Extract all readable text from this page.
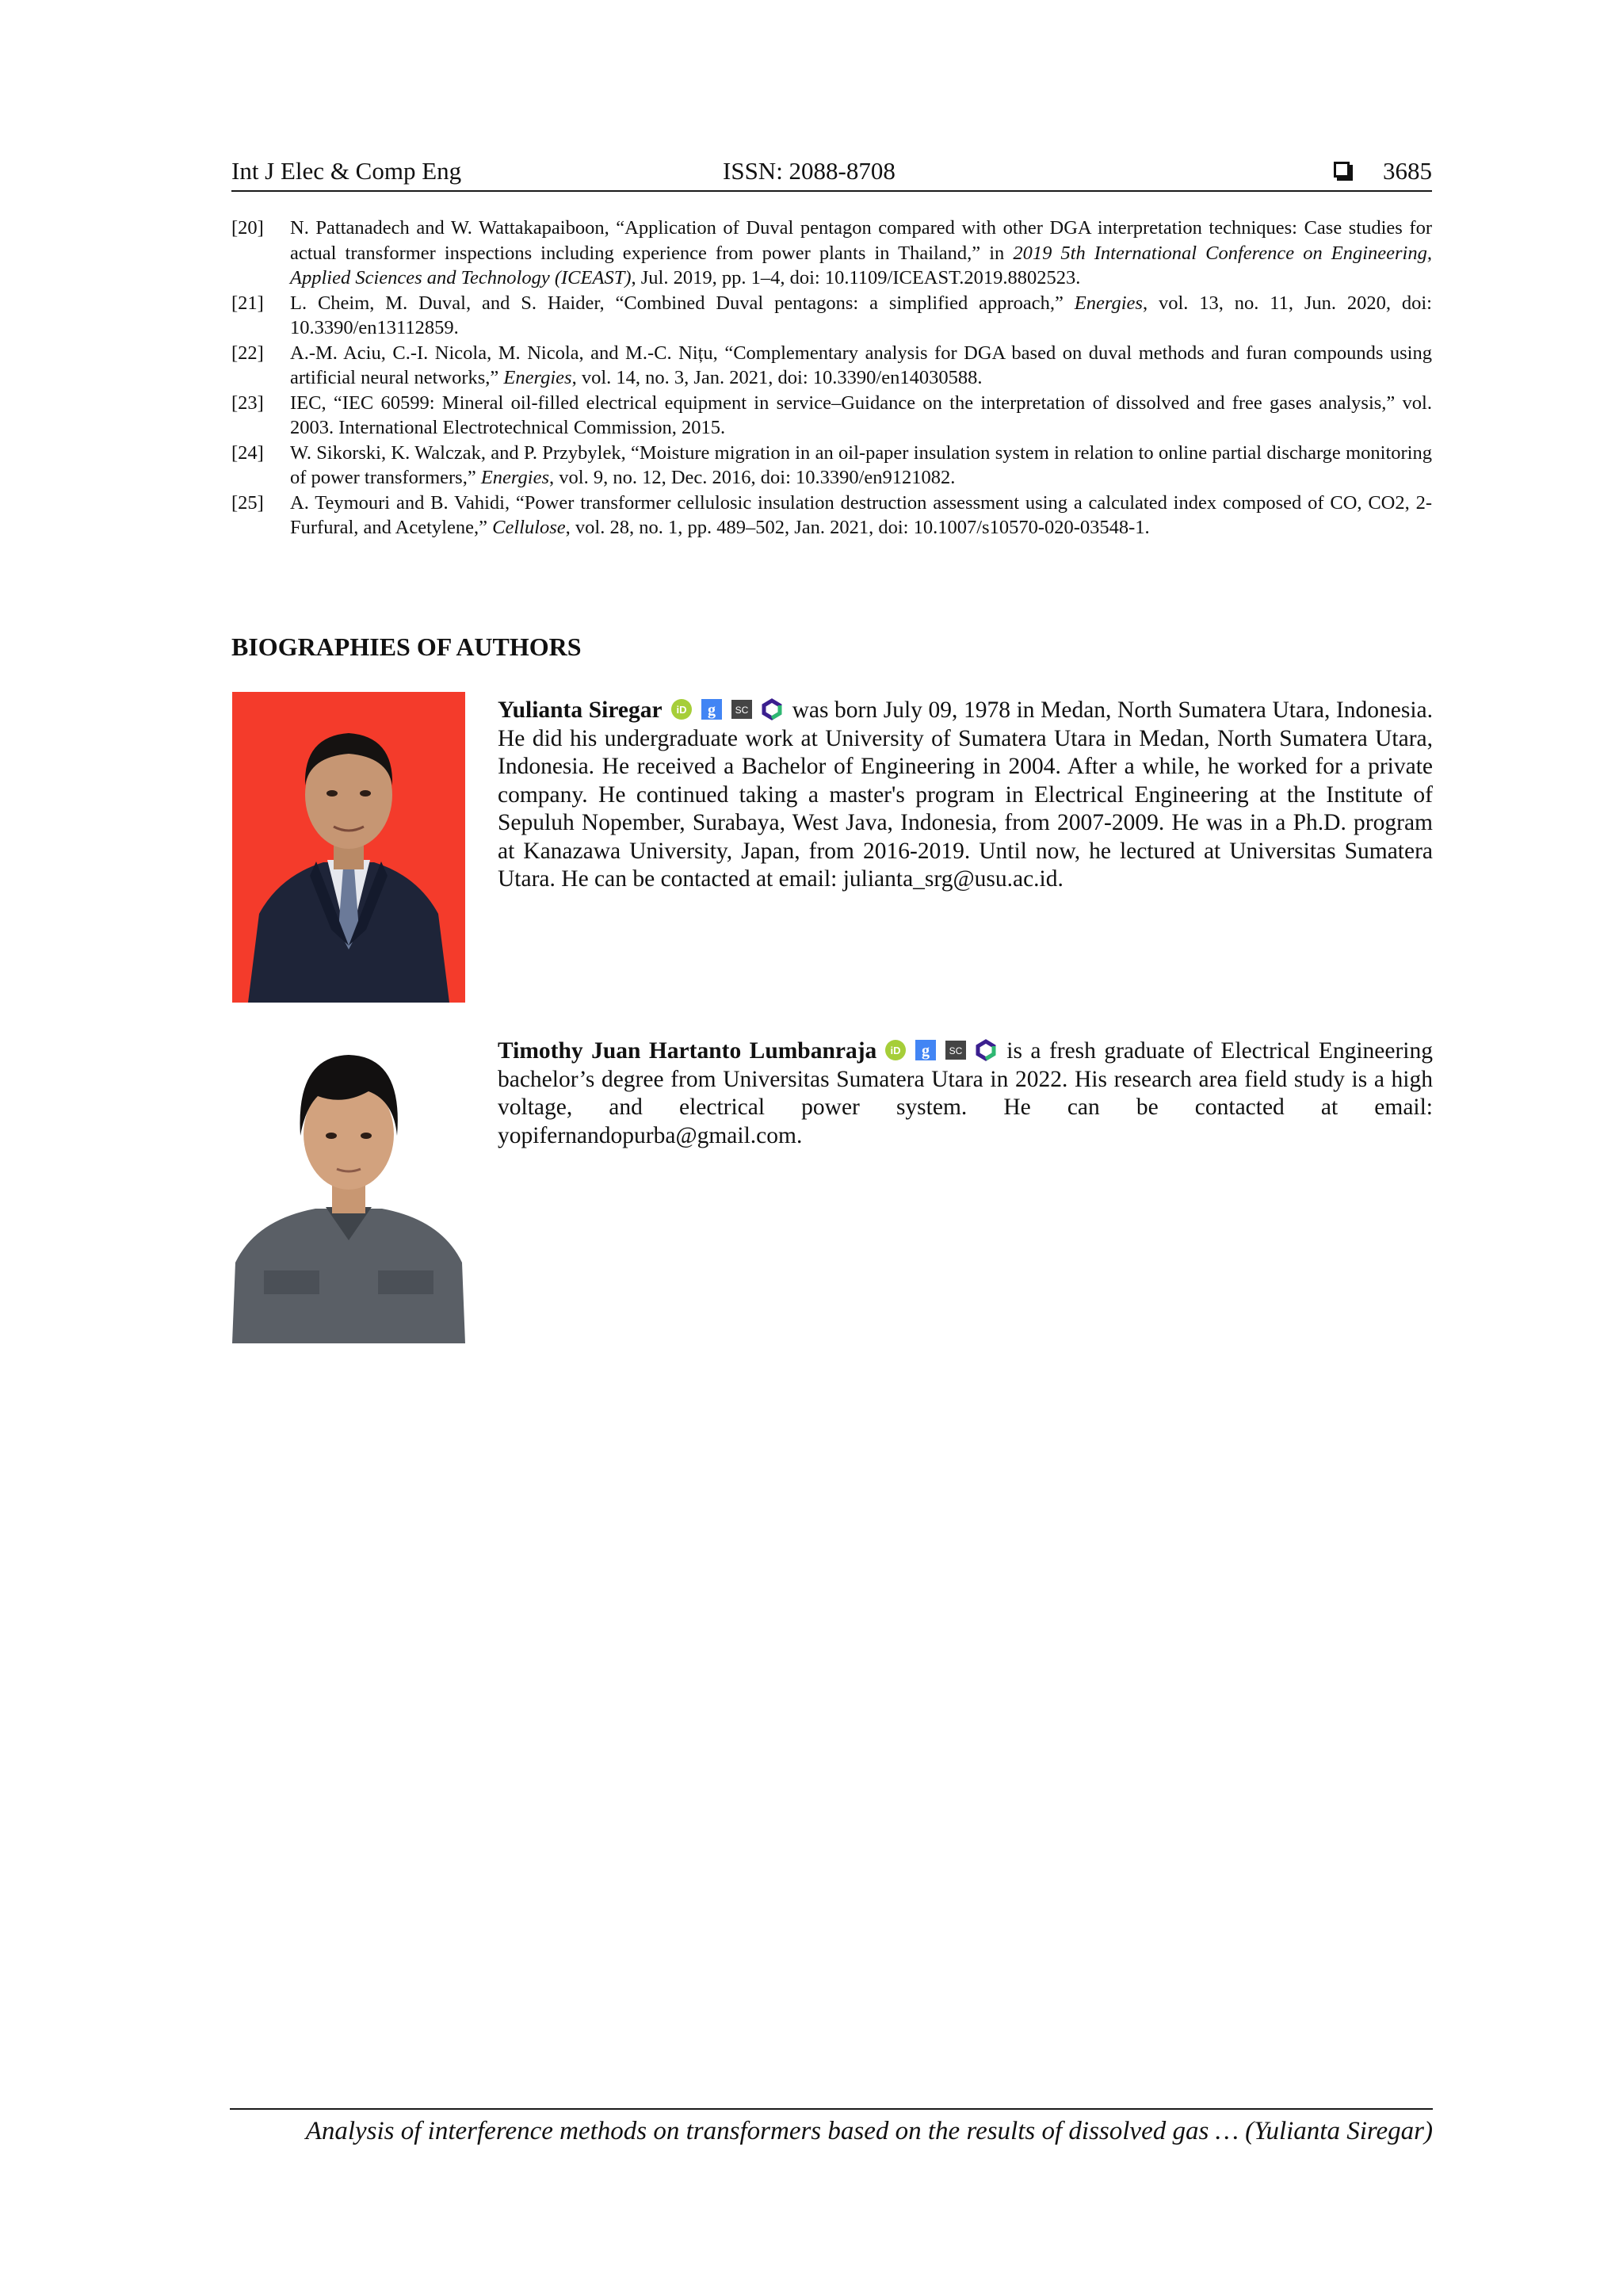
Int J Elec & Comp Eng	ISSN: 2088-8708	3685
[20]	N. Pattanadech and W. Wattakapaiboon, “Application of Duval pentagon compared with other DGA interpretation techniques: Case studies for actual transformer inspections including experience from power plants in Thailand,” in 2019 5th International Conference on Engineering, Applied Sciences and Technology (ICEAST), Jul. 2019, pp. 1–4, doi: 10.1109/ICEAST.2019.8802523.
[21]	L. Cheim, M. Duval, and S. Haider, “Combined Duval pentagons: a simplified approach,” Energies, vol. 13, no. 11, Jun. 2020, doi: 10.3390/en13112859.
[22]	A.-M. Aciu, C.-I. Nicola, M. Nicola, and M.-C. Nițu, “Complementary analysis for DGA based on duval methods and furan compounds using artificial neural networks,” Energies, vol. 14, no. 3, Jan. 2021, doi: 10.3390/en14030588.
[23]	IEC, “IEC 60599: Mineral oil-filled electrical equipment in service–Guidance on the interpretation of dissolved and free gases analysis,” vol. 2003. International Electrotechnical Commission, 2015.
[24]	W. Sikorski, K. Walczak, and P. Przybylek, “Moisture migration in an oil-paper insulation system in relation to online partial discharge monitoring of power transformers,” Energies, vol. 9, no. 12, Dec. 2016, doi: 10.3390/en9121082.
[25]	A. Teymouri and B. Vahidi, “Power transformer cellulosic insulation destruction assessment using a calculated index composed of CO, CO2, 2-Furfural, and Acetylene,” Cellulose, vol. 28, no. 1, pp. 489–502, Jan. 2021, doi: 10.1007/s10570-020-03548-1.
BIOGRAPHIES OF AUTHORS
Yulianta Siregar iD g SC was born July 09, 1978 in Medan, North Sumatera Utara, Indonesia. He did his undergraduate work at University of Sumatera Utara in Medan, North Sumatera Utara, Indonesia. He received a Bachelor of Engineering in 2004. After a while, he worked for a private company. He continued taking a master's program in Electrical Engineering at the Institute of Sepuluh Nopember, Surabaya, West Java, Indonesia, from 2007-2009. He was in a Ph.D. program at Kanazawa University, Japan, from 2016-2019. Until now, he lectured at Universitas Sumatera Utara. He can be contacted at email: julianta_srg@usu.ac.id.
Timothy Juan Hartanto Lumbanraja iD g SC is a fresh graduate of Electrical Engineering bachelor’s degree from Universitas Sumatera Utara in 2022. His research area field study is a high voltage, and electrical power system. He can be contacted at email: yopifernandopurba@gmail.com.
Analysis of interference methods on transformers based on the results of dissolved gas … (Yulianta Siregar)
